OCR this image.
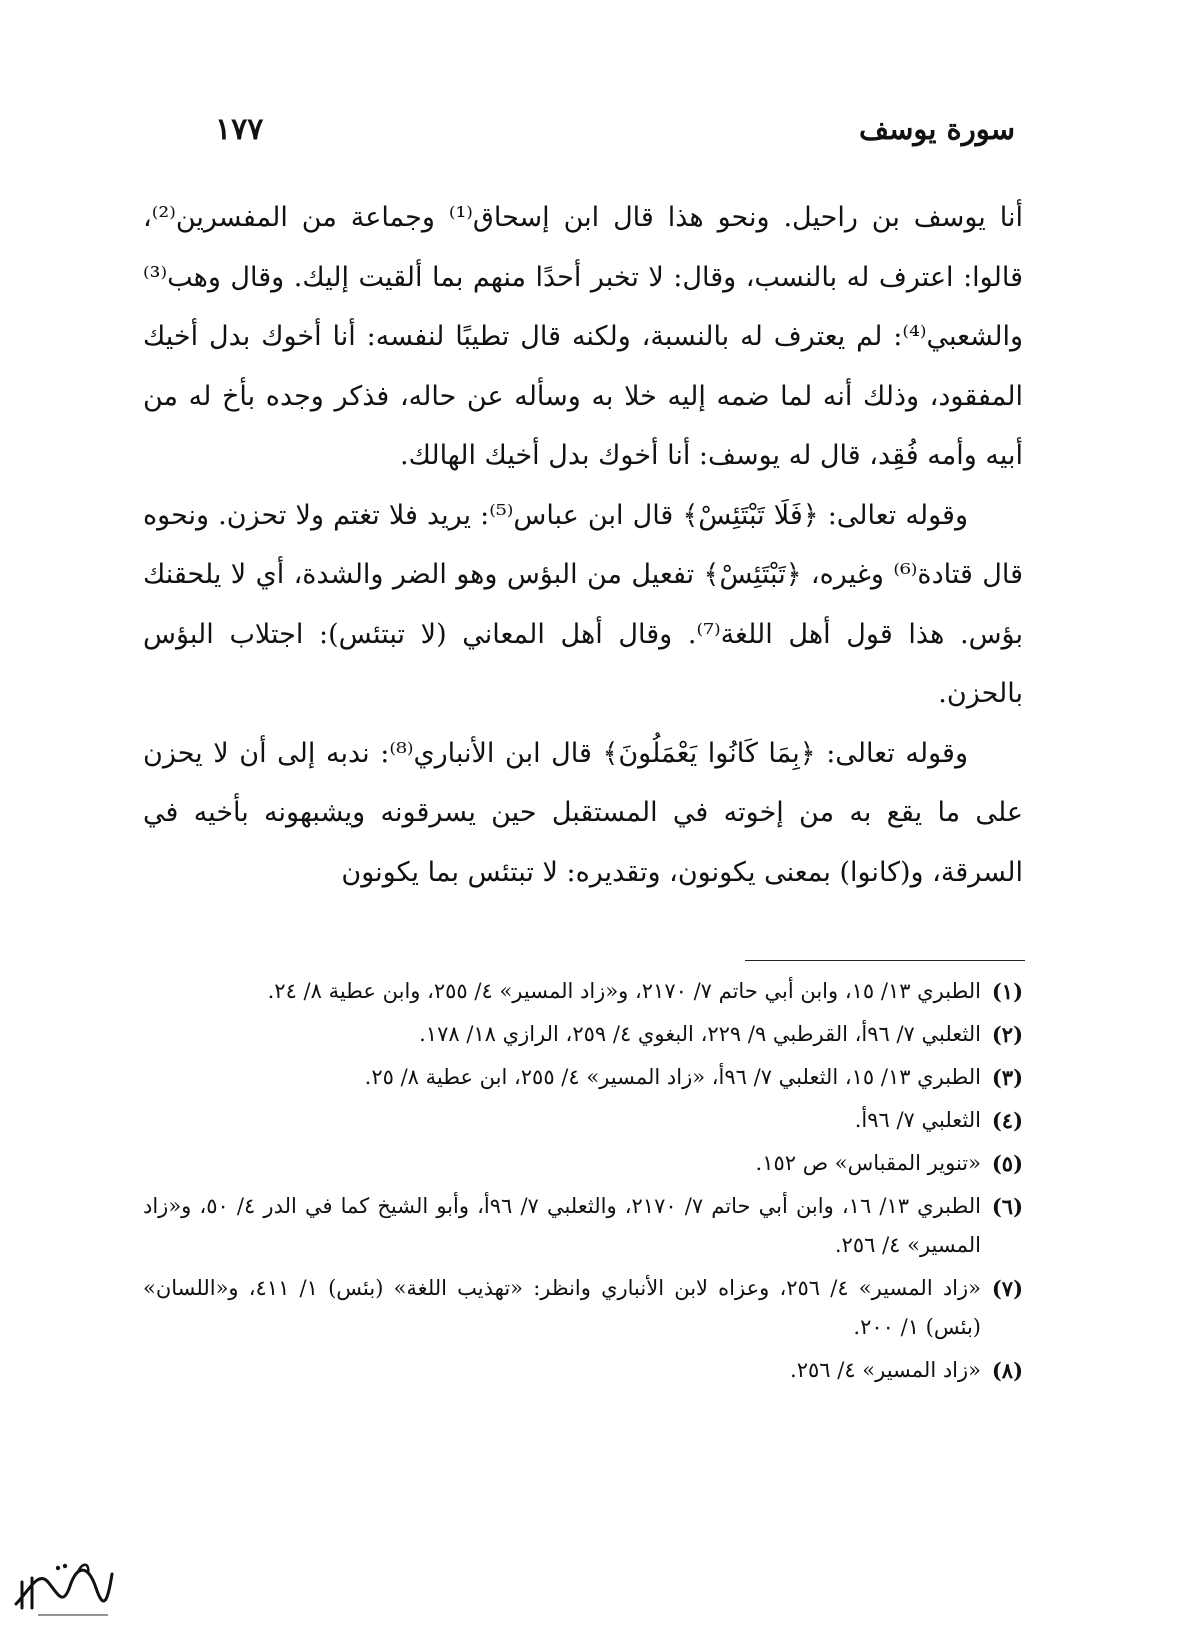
سورة يوسف
١٧٧

أنا يوسف بن راحيل. ونحو هذا قال ابن إسحاق⁽¹⁾ وجماعة من المفسرين⁽²⁾، قالوا: اعترف له بالنسب، وقال: لا تخبر أحدًا منهم بما ألقيت إليك. وقال وهب⁽³⁾ والشعبي⁽⁴⁾: لم يعترف له بالنسبة، ولكنه قال تطيبًا لنفسه: أنا أخوك بدل أخيك المفقود، وذلك أنه لما ضمه إليه خلا به وسأله عن حاله، فذكر وجده بأخ له من أبيه وأمه فُقِد، قال له يوسف: أنا أخوك بدل أخيك الهالك.

وقوله تعالى: ﴿فَلَا تَبْتَئِسْ﴾ قال ابن عباس⁽⁵⁾: يريد فلا تغتم ولا تحزن. ونحوه قال قتادة⁽⁶⁾ وغيره، ﴿تَبْتَئِسْ﴾ تفعيل من البؤس وهو الضر والشدة، أي لا يلحقنك بؤس. هذا قول أهل اللغة⁽⁷⁾. وقال أهل المعاني (لا تبتئس): اجتلاب البؤس بالحزن.

وقوله تعالى: ﴿بِمَا كَانُوا يَعْمَلُونَ﴾ قال ابن الأنباري⁽⁸⁾: ندبه إلى أن لا يحزن على ما يقع به من إخوته في المستقبل حين يسرقونه ويشبهونه بأخيه في السرقة، و(كانوا) بمعنى يكونون، وتقديره: لا تبتئس بما يكونون

(١)
الطبري ١٣/ ١٥، وابن أبي حاتم ٧/ ٢١٧٠، و«زاد المسير» ٤/ ٢٥٥، وابن عطية ٨/ ٢٤.
(٢)
الثعلبي ٧/ ٩٦أ، القرطبي ٩/ ٢٢٩، البغوي ٤/ ٢٥٩، الرازي ١٨/ ١٧٨.
(٣)
الطبري ١٣/ ١٥، الثعلبي ٧/ ٩٦أ، «زاد المسير» ٤/ ٢٥٥، ابن عطية ٨/ ٢٥.
(٤)
الثعلبي ٧/ ٩٦أ.
(٥)
«تنوير المقباس» ص ١٥٢.
(٦)
الطبري ١٣/ ١٦، وابن أبي حاتم ٧/ ٢١٧٠، والثعلبي ٧/ ٩٦أ، وأبو الشيخ كما في الدر ٤/ ٥٠، و«زاد المسير» ٤/ ٢٥٦.
(٧)
«زاد المسير» ٤/ ٢٥٦، وعزاه لابن الأنباري وانظر: «تهذيب اللغة» (بئس) ١/ ٤١١، و«اللسان» (بئس) ١/ ٢٠٠.
(٨)
«زاد المسير» ٤/ ٢٥٦.
